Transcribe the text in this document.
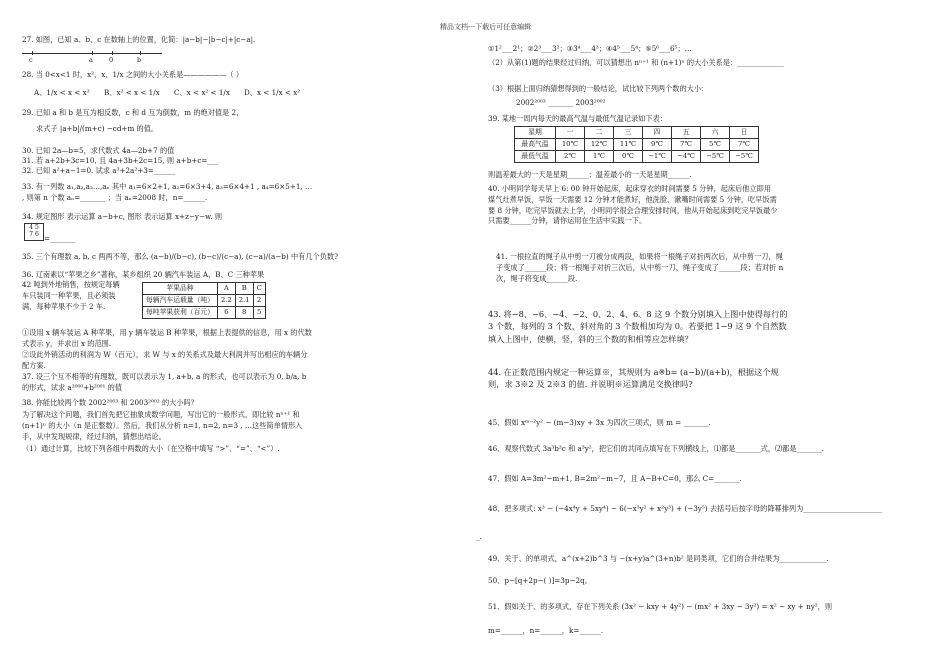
精品文档---下载后可任意编辑
27. 如图，已知 a、b、c 在数轴上的位置，化简：|a−b|−|b−c|+|c−a|.
c	a 0	b
28. 当 0<x<1 时，x²、x、1/x 之间的大小关系是——————（ ）
A、1/x < x < x² B、x² < x < 1/x C、x < x² < 1/x D、x < 1/x < x²
29. 已知 a 和 b 是互为相反数，c 和 d 互为倒数，m 的绝对值是 2，
求式子 |a+b|/(m+c) −cd+m 的值。
30. 已知 2a—b=5，求代数式 4a—2b+7 的值
31. 若 a+2b+3c=10, 且 4a+3b+2c=15, 则 a+b+c=___
32. 已知 a²+a−1=0. 试求 a³+2a²+3=______
33. 有一列数 a₁,a₂,a₃…,aₙ 其中 a₁=6×2+1, a₂=6×3+4, a₃=6×4+1 , a₄=6×5+1, … , 则第 n 个数 aₙ=_______ ；当 aₙ=2008 时，n=______.
34. 规定图形 表示运算 a−b+c, 图形 表示运算 x+z−y−w. 则
4 5
7 6 =_______
35. 三个有理数 a, b, c 两两不等，那么 (a−b)/(b−c), (b−c)/(c−a), (c−a)/(a−b) 中有几个负数?
36. 辽南素以“苹果之乡”著称，某乡组织 20 辆汽车装运 A、B、C 三种苹果
42 吨到外地销售，按规定每辆车只装同一种苹果，且必须装满，每种苹果不少于 2 车.
苹果品种	A	B	C
每辆汽车运载量（吨）	2.2	2.1	2
每吨苹果获利（百元）	6	8	5
①设用 x 辆车装运 A 种苹果，用 y 辆车装运 B 种苹果，根据上表提供的信息，用 x 的代数式表示 y，并求出 x 的范围.
②设此外销活动的利润为 W（百元），求 W 与 x 的关系式及最大利润并写出相应的车辆分配方案.
37. 设三个互不相等的有理数，既可以表示为 1, a+b, a 的形式，也可以表示为 0, b/a, b 的形式，试求 a²⁰⁰⁰+b²⁰⁰¹ 的值
38. 你能比较两个数 2002²⁰⁰³ 和 2003²⁰⁰² 的大小吗？
为了解决这个问题，我们首先把它抽象成数学问题，写出它的一般形式，即比较 nⁿ⁺¹ 和 (n+1)ⁿ 的大小（n 是正整数）。然后，我们从分析 n=1, n=2, n=3 , …这些简单情形入手，从中发现规律，经过归纳，猜想出结论。
（1）通过计算，比较下列各组中两数的大小（在空格中填写 “>”、“=”、“<”）.
①1²___2¹；②2³___3²；③3⁴___4³；④4⁵___5⁴；⑤5⁶___6⁵；…
（2）从第(1)题的结果经过归纳，可以猜想出 nⁿ⁺¹ 和 (n+1)ⁿ 的大小关系是：_____________
（3）根据上面归纳猜想得到的一般结论，试比较下列两个数的大小：
2002²⁰⁰³ _______ 2003²⁰⁰²
39. 某地一周内每天的最高气温与最低气温记录如下表：
星期	一	二	三	四	五	六	日
最高气温	10℃	12℃	11℃	9℃	7℃	5℃	7℃
最低气温	2℃	1℃	0℃	−1℃	−4℃	−5℃	−5℃
则温差最大的一天是星期______；温差最小的一天是星期______.
40. 小明同学每天早上 6: 00 钟开始起床，起床穿衣的时间需要 5 分钟，起床后他立即用煤气灶煮早饭，早饭一天需要 12 分钟才能煮好，他洗脸、漱嘴时间需要 5 分钟，吃早饭需要 8 分钟，吃完早饭就去上学，小明同学很会合理安排时间，他从开始起床到吃完早饭最少只需要______分钟，请你运用在生活中实践一下。
41. 一根拉直的绳子从中剪一刀被分成两段，如果将一根绳子对折两次后，从中剪一刀，绳子变成了______段；将一根绳子对折三次后，从中剪一刀，绳子变成了______段；若对折 n 次，绳子将变成______段.
43. 将−8、−6、−4、−2、0、2、4、6、8 这 9 个数分别填入上图中使得每行的 3 个数，每列的 3 个数，斜对角的 3 个数相加均为 0。若要把 1−9 这 9 个自然数填入上图中，使横，竖，斜的三个数的和相等应怎样填？
44. 在正数范围内规定一种运算※，其规则为 a※b= (a−b)/(a+b)，根据这个规则，求 3※2 及 2※3 的值. 并说明※运算满足交换律吗?
45、假如 xᵐ⁻²y² − (m−3)xy + 3x 为四次三项式，则 m = _______.
46、观察代数式 3a³b²c 和 a³y²，把它们的共同点填写在下列横线上，⑴都是_______式，⑵都是_______.
47、假如 A=3m²−m+1, B=2m²−m−7，且 A−B+C=0，那么 C=_______.
48、把多项式: x³ − (−4x⁴y + 5xy⁴) − 6(−x³y² + x²y³) + (−3y⁵) 去括号后按字母的降幂排列为______________________
_.
49、关于、的单项式，a^(x+2)b^3 与 −(x+y)a^(3+n)b² 是同类项，它们的合并结果为_____________.
50、p−[q+2p−( )]=3p−2q。
51、假如关于、的多项式，存在下列关系 (3x² − kxy + 4y²) − (mx² + 3xy − 3y²) = x² − xy + ny²，则
m=______，n=______，k=______.
